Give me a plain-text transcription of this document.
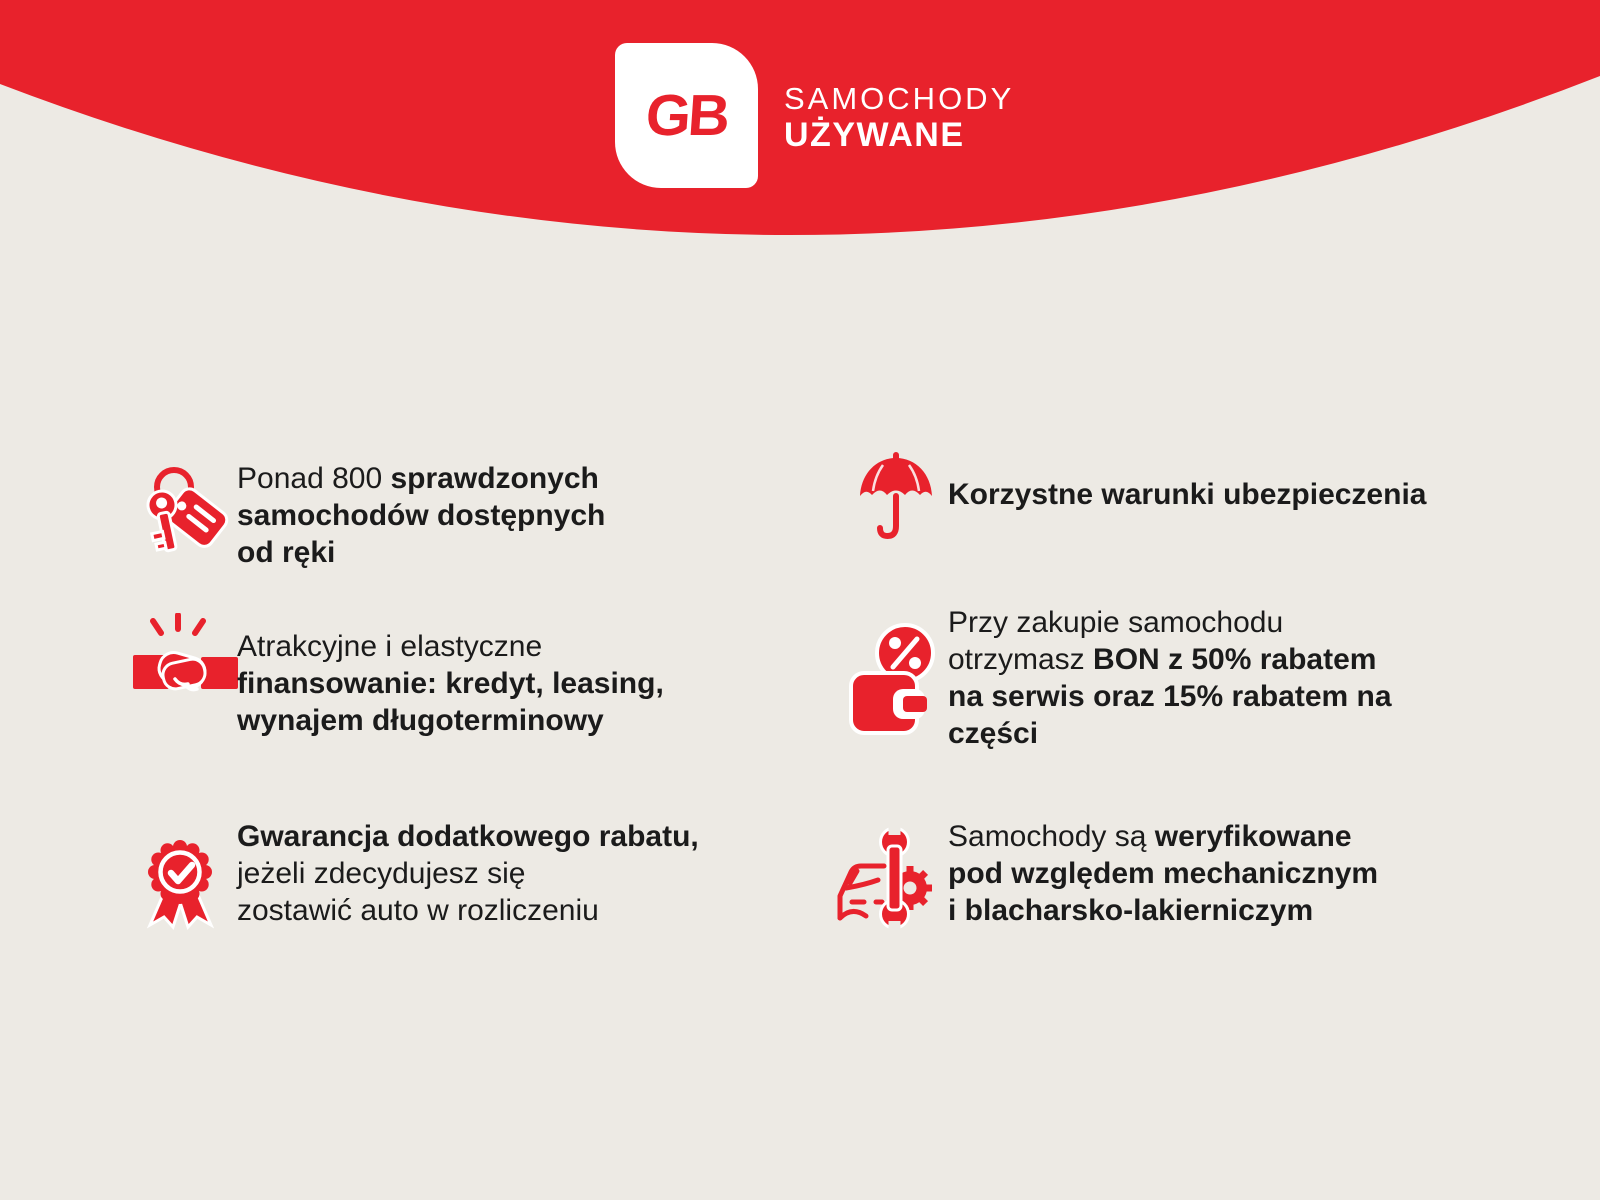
GB SAMOCHODY
UŻYWANE
Ponad 800 sprawdzonych
samochodów dostępnych
od ręki
Atrakcyjne i elastyczne
finansowanie: kredyt, leasing,
wynajem długoterminowy
Gwarancja dodatkowego rabatu,
jeżeli zdecydujesz się
zostawić auto w rozliczeniu
Korzystne warunki ubezpieczenia
Przy zakupie samochodu
otrzymasz BON z 50% rabatem
na serwis oraz 15% rabatem na
części
Samochody są weryfikowane
pod względem mechanicznym
i blacharsko-lakierniczym
